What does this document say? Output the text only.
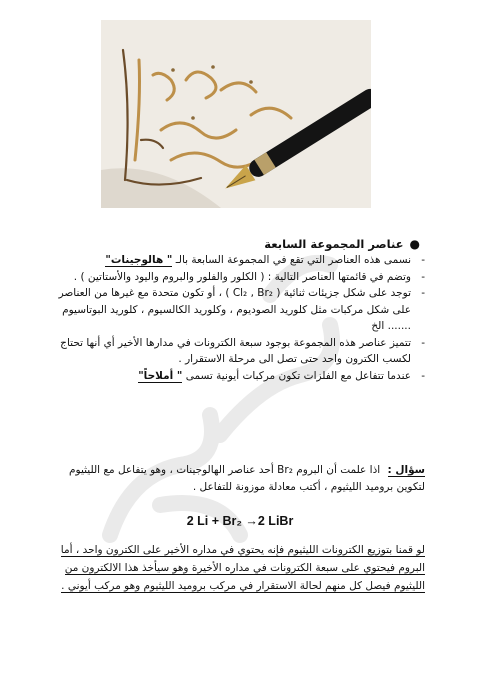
●عناصر المجموعة السابعة
- نسمى هذه العناصر التي تقع في المجموعة السابعة بالـ " هالوجينات"
- وتضم في قائمتها العناصر التالية : ( الكلور والفلور والبروم واليود والأستاتين ) .
- توجد على شكل جزيئات ثنائية ( Cl₂ , Br₂ ) ، أو تكون متحدة مع غيرها من العناصر على شكل مركبات مثل كلوريد الصوديوم ، وكلوريد الكالسيوم ، كلوريد البوتاسيوم ....... الخ
- تتميز عناصر هذه المجموعة بوجود سبعة الكترونات في مدارها الأخير أي أنها تحتاج لكسب الكترون واحد حتى تصل الى مرحلة الاستقرار .
- عندما تتفاعل مع الفلزات تكون مركبات أيونية تسمى " أملاحاً"
سؤال : اذا علمت أن البروم Br₂ أحد عناصر الهالوجينات ، وهو يتفاعل مع الليثيوم لتكوين بروميد الليثيوم ، أكتب معادلة موزونة للتفاعل .
2 Li + Br₂ →2 LiBr
لو قمنا بتوزيع الكترونات الليثيوم فإنه يحتوي في مداره الأخير على الكترون واحد ، أما البروم فيحتوي على سبعة الكترونات في مداره الأخيرة وهو سيأخذ هذا الالكترون من الليثيوم فيصل كل منهم لحالة الاستقرار في مركب بروميد الليثيوم وهو مركب أيوني .
